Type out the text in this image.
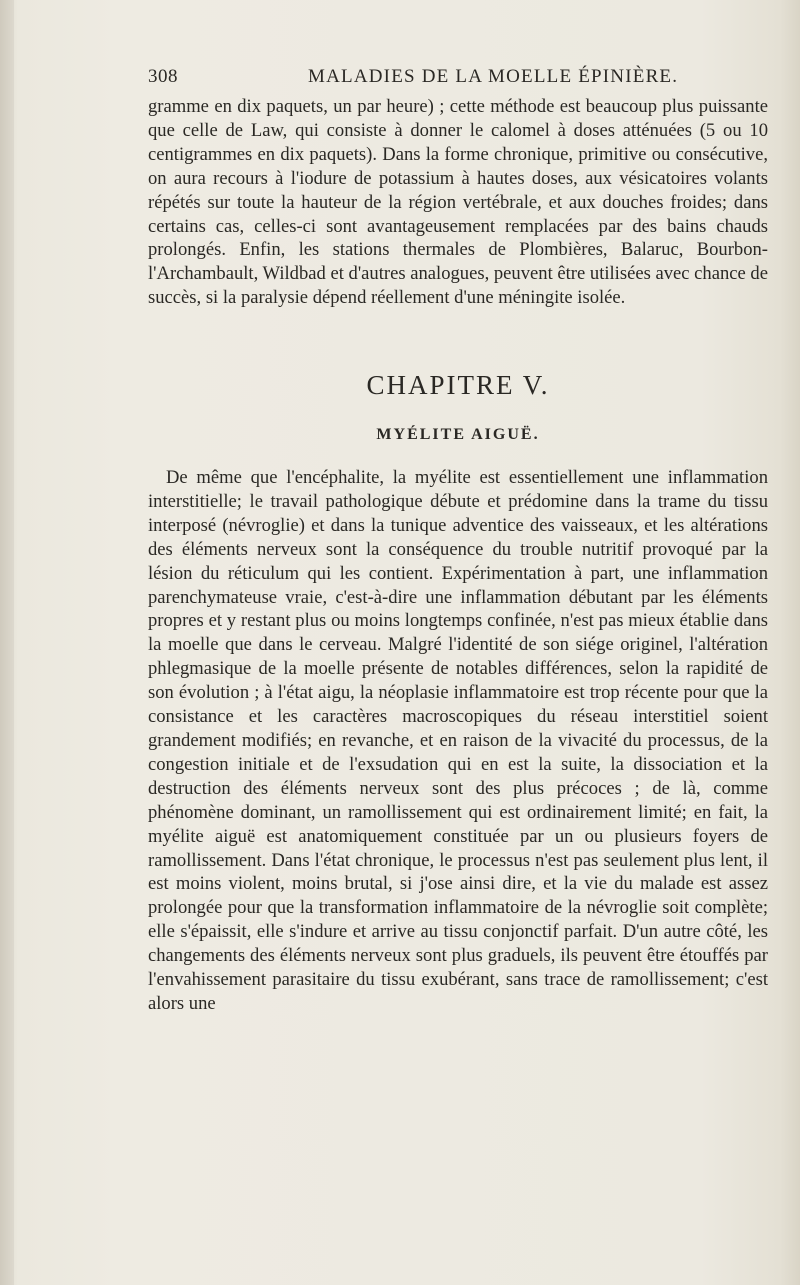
308	MALADIES DE LA MOELLE ÉPINIÈRE.

gramme en dix paquets, un par heure) ; cette méthode est beaucoup plus puissante que celle de Law, qui consiste à donner le calomel à doses atténuées (5 ou 10 centigrammes en dix paquets). Dans la forme chronique, primitive ou consécutive, on aura recours à l'iodure de potassium à hautes doses, aux vésicatoires volants répétés sur toute la hauteur de la région vertébrale, et aux douches froides; dans certains cas, celles-ci sont avantageusement remplacées par des bains chauds prolongés. Enfin, les stations thermales de Plombières, Balaruc, Bourbon-l'Archambault, Wildbad et d'autres analogues, peuvent être utilisées avec chance de succès, si la paralysie dépend réellement d'une méningite isolée.

CHAPITRE V.
MYÉLITE AIGUË.

De même que l'encéphalite, la myélite est essentiellement une inflammation interstitielle; le travail pathologique débute et prédomine dans la trame du tissu interposé (névroglie) et dans la tunique adventice des vaisseaux, et les altérations des éléments nerveux sont la conséquence du trouble nutritif provoqué par la lésion du réticulum qui les contient. Expérimentation à part, une inflammation parenchymateuse vraie, c'est-à-dire une inflammation débutant par les éléments propres et y restant plus ou moins longtemps confinée, n'est pas mieux établie dans la moelle que dans le cerveau. Malgré l'identité de son siége originel, l'altération phlegmasique de la moelle présente de notables différences, selon la rapidité de son évolution ; à l'état aigu, la néoplasie inflammatoire est trop récente pour que la consistance et les caractères macroscopiques du réseau interstitiel soient grandement modifiés; en revanche, et en raison de la vivacité du processus, de la congestion initiale et de l'exsudation qui en est la suite, la dissociation et la destruction des éléments nerveux sont des plus précoces ; de là, comme phénomène dominant, un ramollissement qui est ordinairement limité; en fait, la myélite aiguë est anatomiquement constituée par un ou plusieurs foyers de ramollissement. Dans l'état chronique, le processus n'est pas seulement plus lent, il est moins violent, moins brutal, si j'ose ainsi dire, et la vie du malade est assez prolongée pour que la transformation inflammatoire de la névroglie soit complète; elle s'épaissit, elle s'indure et arrive au tissu conjonctif parfait. D'un autre côté, les changements des éléments nerveux sont plus graduels, ils peuvent être étouffés par l'envahissement parasitaire du tissu exubérant, sans trace de ramollissement; c'est alors une
